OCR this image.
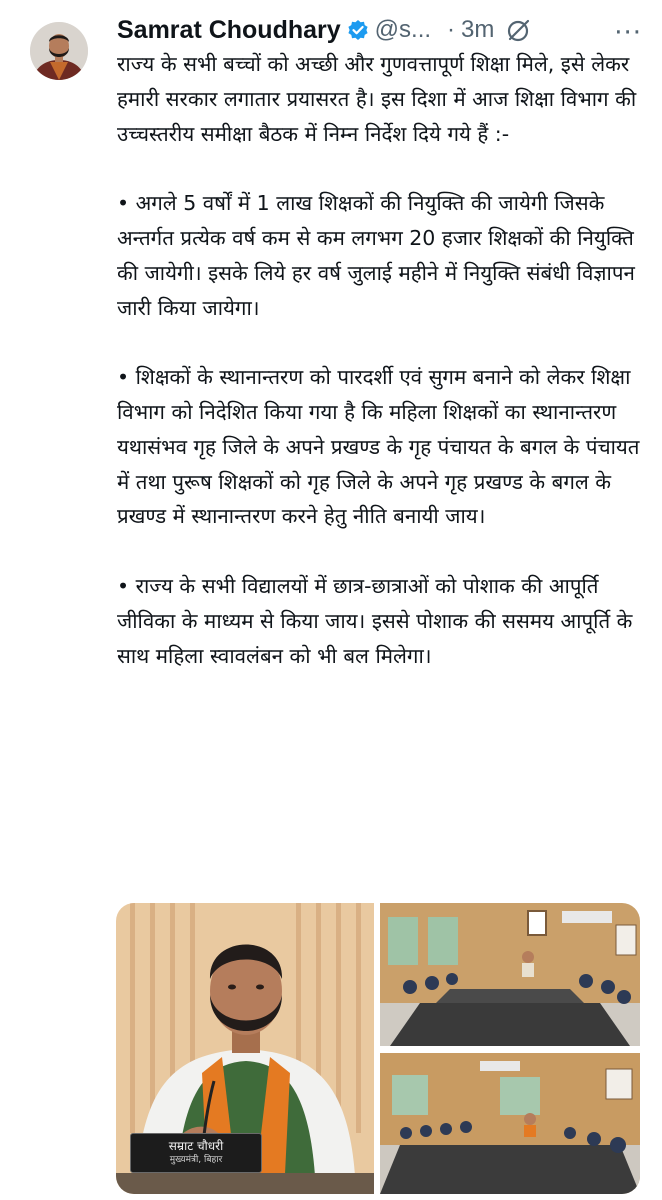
Samrat Choudhary @s... · 3m	···

राज्य के सभी बच्चों को अच्छी और गुणवत्तापूर्ण शिक्षा मिले, इसे लेकर हमारी सरकार लगातार प्रयासरत है। इस दिशा में आज शिक्षा विभाग की उच्चस्तरीय समीक्षा बैठक में निम्न निर्देश दिये गये हैं :-

• अगले 5 वर्षों में 1 लाख शिक्षकों की नियुक्ति की जायेगी जिसके अन्तर्गत प्रत्येक वर्ष कम से कम लगभग 20 हजार शिक्षकों की नियुक्ति की जायेगी। इसके लिये हर वर्ष जुलाई महीने में नियुक्ति संबंधी विज्ञापन जारी किया जायेगा।

• शिक्षकों के स्थानान्तरण को पारदर्शी एवं सुगम बनाने को लेकर शिक्षा विभाग को निदेशित किया गया है कि महिला शिक्षकों का स्थानान्तरण यथासंभव गृह जिले के अपने प्रखण्ड के गृह पंचायत के बगल के पंचायत में तथा पुरूष शिक्षकों को गृह जिले के अपने गृह प्रखण्ड के बगल के प्रखण्ड में स्थानान्तरण करने हेतु नीति बनायी जाय।

• राज्य के सभी विद्यालयों में छात्र-छात्राओं को पोशाक की आपूर्ति जीविका के माध्यम से किया जाय। इससे पोशाक की ससमय आपूर्ति के साथ महिला स्वावलंबन को भी बल मिलेगा।

सम्राट चौधरी
मुख्यमंत्री, बिहार
